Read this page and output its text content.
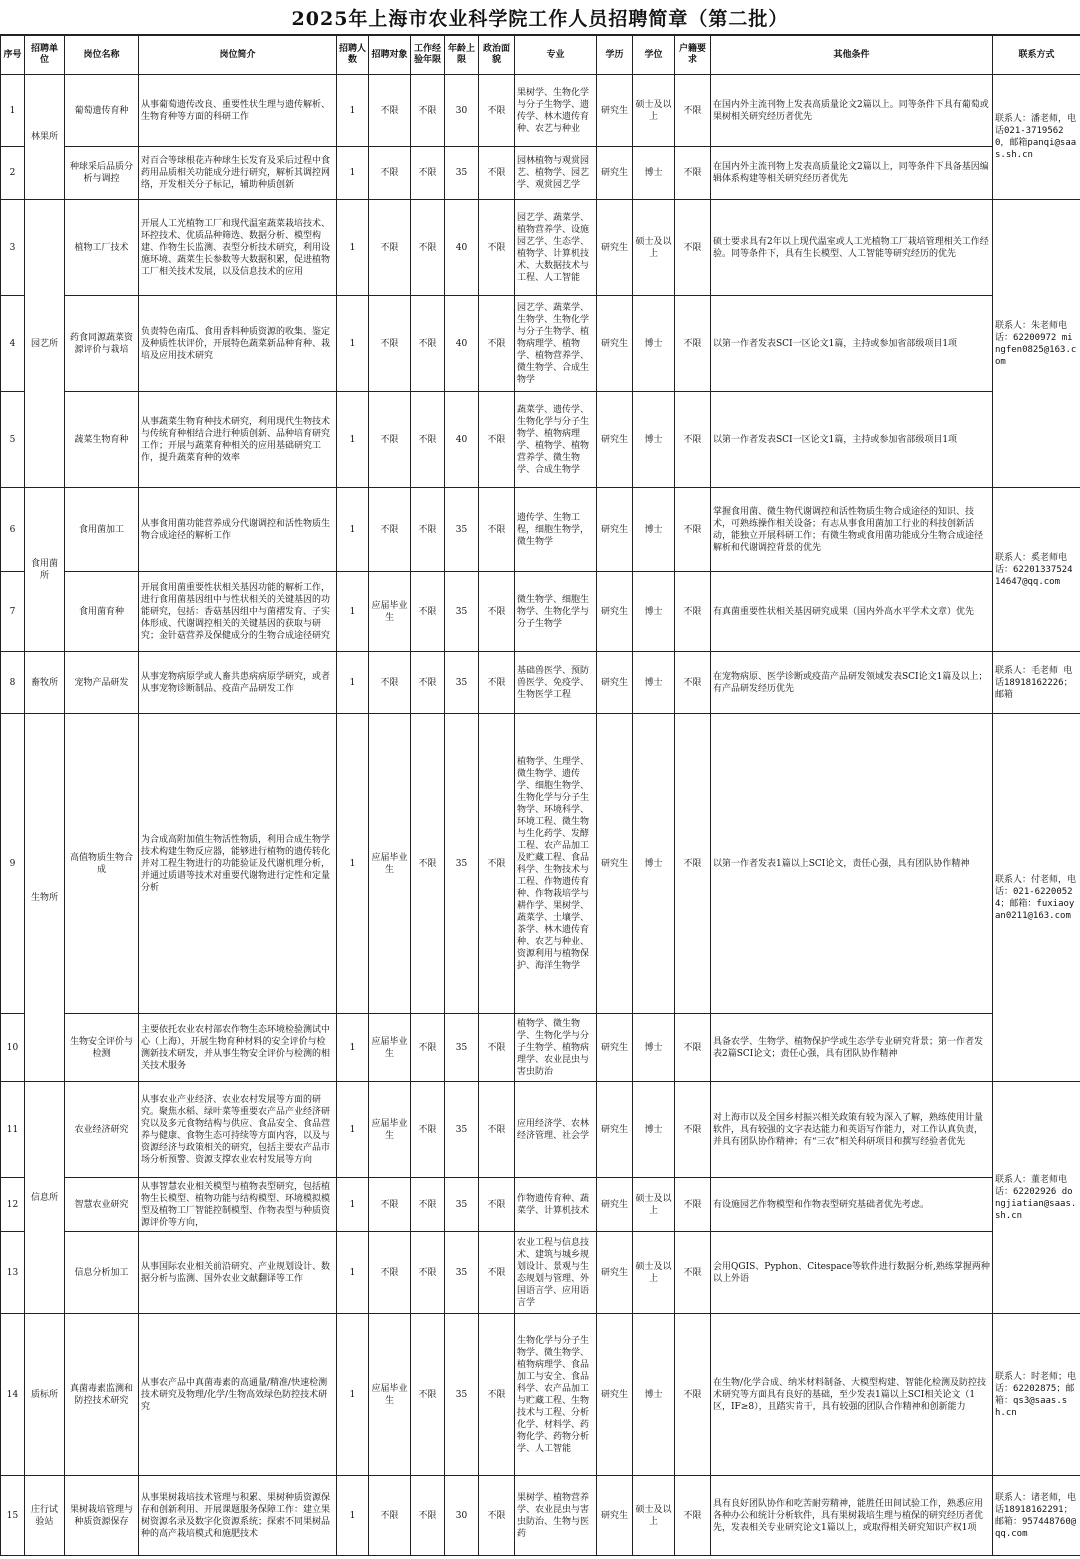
2025年上海市农业科学院工作人员招聘简章（第二批）
序号	招聘单位	岗位名称	岗位简介	招聘人数	招聘对象	工作经验年限	年龄上限	政治面貌	专业	学历	学位	户籍要求	其他条件	联系方式
1	林果所	葡萄遗传育种	从事葡萄遗传改良、重要性状生理与遗传解析、生物育种等方面的科研工作	1	不限	不限	30	不限	果树学、生物化学与分子生物学、遗传学、林木遗传育种、农艺与种业	研究生	硕士及以上	不限	在国内外主流刊物上发表高质量论文2篇以上。同等条件下具有葡萄或果树相关研究经历者优先	联系人：潘老师，电话021-37195620，邮箱panqi@saas.sh.cn
2		种球采后品质分析与调控	对百合等球根花卉种球生长发育及采后过程中食药用品质相关功能成分进行研究，解析其调控网络，开发相关分子标记，辅助种质创新	1	不限	不限	35	不限	园林植物与观赏园艺、植物学、园艺学、观赏园艺学	研究生	博士	不限	在国内外主流刊物上发表高质量论文2篇以上，同等条件下具备基因编辑体系构建等相关研究经历者优先	
3	园艺所	植物工厂技术	开展人工光植物工厂和现代温室蔬菜栽培技术、环控技术、优质品种筛选、数据分析、模型构建、作物生长监测、表型分析技术研究，利用设施环境、蔬菜生长参数等大数据积累，促进植物工厂相关技术发展，以及信息技术的应用	1	不限	不限	40	不限	园艺学、蔬菜学、植物营养学、设施园艺学、生态学、植物学、计算机技术、大数据技术与工程、人工智能	研究生	硕士及以上	不限	硕士要求具有2年以上现代温室或人工光植物工厂栽培管理相关工作经验。同等条件下，具有生长模型、人工智能等研究经历的优先	联系人：朱老师电话：62200972 mingfen0825@163.com
4		药食同源蔬菜资源评价与栽培	负责特色南瓜、食用香料种质资源的收集、鉴定及种质性状评价，开展特色蔬菜新品种育种、栽培及应用技术研究	1	不限	不限	40	不限	园艺学、蔬菜学、生物学、生物化学与分子生物学、植物病理学、植物学、植物营养学、微生物学、合成生物学	研究生	博士	不限	以第一作者发表SCI一区论文1篇，主持或参加省部级项目1项	
5		蔬菜生物育种	从事蔬菜生物育种技术研究，利用现代生物技术与传统育种相结合进行种质创新、品种培育研究工作；开展与蔬菜育种相关的应用基础研究工作，提升蔬菜育种的效率	1	不限	不限	40	不限	蔬菜学、遗传学、生物化学与分子生物学、植物病理学、植物学、植物营养学、微生物学、合成生物学	研究生	博士	不限	以第一作者发表SCI一区论文1篇，主持或参加省部级项目1项	
6	食用菌所	食用菌加工	从事食用菌功能营养成分代谢调控和活性物质生物合成途径的解析工作	1	不限	不限	35	不限	遗传学、生物工程，细胞生物学，微生物学	研究生	博士	不限	掌握食用菌、微生物代谢调控和活性物质生物合成途径的知识、技术，可熟练操作相关设备；有志从事食用菌加工行业的科技创新活动，能独立开展科研工作；有微生物或食用菌功能成分生物合成途径解析和代谢调控背景的优先	联系人：奚老师电话：6220133752414647@qq.com
7		食用菌育种	开展食用菌重要性状相关基因功能的解析工作，进行食用菌基因组中与性状相关的关键基因的功能研究，包括：香菇基因组中与菌褶发育、子实体形成、代谢调控相关的关键基因的获取与研究；金针菇营养及保健成分的生物合成途径研究	1	应届毕业生	不限	35	不限	微生物学、细胞生物学、生物化学与分子生物学	研究生	博士	不限	有真菌重要性状相关基因研究成果（国内外高水平学术文章）优先	
8	畜牧所	宠物产品研发	从事宠物病原学或人畜共患病病原学研究，或者从事宠物诊断制品、疫苗产品研发工作	1	不限	不限	35	不限	基础兽医学、预防兽医学、免疫学、生物医学工程	研究生	博士	不限	在宠物病原、医学诊断或疫苗产品研发领域发表SCI论文1篇及以上；有产品研发经历优先	联系人：毛老师 电话18918162226；邮箱
9	生物所	高值物质生物合成	为合成高附加值生物活性物质，利用合成生物学技术构建生物反应器，能够进行植物的遗传转化并对工程生物进行的功能验证及代谢机理分析，并通过质谱等技术对重要代谢物进行定性和定量分析	1	应届毕业生	不限	35	不限	植物学、生理学、微生物学、遗传学、细胞生物学、生物化学与分子生物学、环境科学、环境工程、微生物与生化药学、发酵工程、农产品加工及贮藏工程、食品科学、生物技术与工程、作物遗传育种、作物栽培学与耕作学、果树学、蔬菜学、土壤学、茶学、林木遗传育种、农艺与种业、资源利用与植物保护、海洋生物学	研究生	博士	不限	以第一作者发表1篇以上SCI论文，责任心强，具有团队协作精神	联系人：付老师，电话：021-62200524；邮箱：fuxiaoyan0211@163.com
10		生物安全评价与检测	主要依托农业农村部农作物生态环境检验测试中心（上海），开展生物育种材料的安全评价与检测新技术研发，并从事生物安全评价与检测的相关技术服务	1	应届毕业生	不限	35	不限	植物学、微生物学、生物化学与分子生物学、植物病理学、农业昆虫与害虫防治	研究生	博士	不限	具备农学、生物学、植物保护学或生态学专业研究背景；第一作者发表2篇SCI论文；责任心强，具有团队协作精神	
11	信息所	农业经济研究	从事农业产业经济、农业农村发展等方面的研究。聚焦水稻、绿叶菜等重要农产品产业经济研究以及多元食物结构与供应、食品安全、食品营养与健康、食物生态可持续等方面内容，以及与资源经济与政策相关的研究，包括主要农产品市场分析预警、资源支撑农业农村发展等方向	1	应届毕业生	不限	35	不限	应用经济学、农林经济管理、社会学	研究生	博士	不限	对上海市以及全国乡村振兴相关政策有较为深入了解，熟练使用计量软件，具有较强的文字表达能力和英语写作能力，对工作认真负责，并具有团队协作精神；有“三农”相关科研项目和撰写经验者优先	联系人：董老师电话：62202926 dongjiatian@saas.sh.cn
12		智慧农业研究	从事智慧农业相关模型与植物表型研究，包括植物生长模型、植物功能与结构模型、环境模拟模型及植物工厂智能控制模型、作物表型与种质资源评价等方向，	1	不限	不限	35	不限	作物遗传育种、蔬菜学、计算机技术	研究生	硕士及以上	不限	有设施园艺作物模型和作物表型研究基础者优先考虑。	
13		信息分析加工	从事国际农业相关前沿研究、产业规划设计、数据分析与监测、国外农业文献翻译等工作	1	不限	不限	35	不限	农业工程与信息技术、建筑与城乡规划设计、景观与生态规划与管理、外国语言学、应用语言学	研究生	硕士及以上	不限	会用QGIS、Pyphon、Citespace等软件进行数据分析,熟练掌握两种以上外语	
14	质标所	真菌毒素监测和防控技术研究	从事农产品中真菌毒素的高通量/精准/快速检测技术研究及物理/化学/生物高效绿色防控技术研究	1	应届毕业生	不限	35	不限	生物化学与分子生物学、微生物学、植物病理学、食品加工与安全、食品科学、农产品加工与贮藏工程、生物技术与工程、分析化学、材料学、药物化学、药物分析学、人工智能	研究生	博士	不限	在生物/化学合成、纳米材料制备、大模型构建、智能化检测及防控技术研究等方面具有良好的基础，至少发表1篇以上SCI相关论文（1区，IF≥8），且踏实肯干，具有较强的团队合作精神和创新能力	联系人：时老师；电话：62202875；邮箱：qs3@saas.sh.cn
15	庄行试验站	果树栽培管理与种质资源保存	从事果树栽培技术管理与积累、果树种质资源保存和创新利用、开展课题服务保障工作：建立果树资源名录及数字化资源系统；探索不同果树品种的高产栽培模式和施肥技术	1	不限	不限	30	不限	果树学、植物营养学、农业昆虫与害虫防治、生物与医药	研究生	硕士及以上	不限	具有良好团队协作和吃苦耐劳精神，能胜任田间试验工作，熟悉应用各种办公和统计分析软件，具有果树栽培生理与植保的研究经历者优先，发表相关专业研究论文1篇以上，或取得相关研究知识产权1项	联系人：诸老师，电话18918162291；邮箱：957448760@qq.com
